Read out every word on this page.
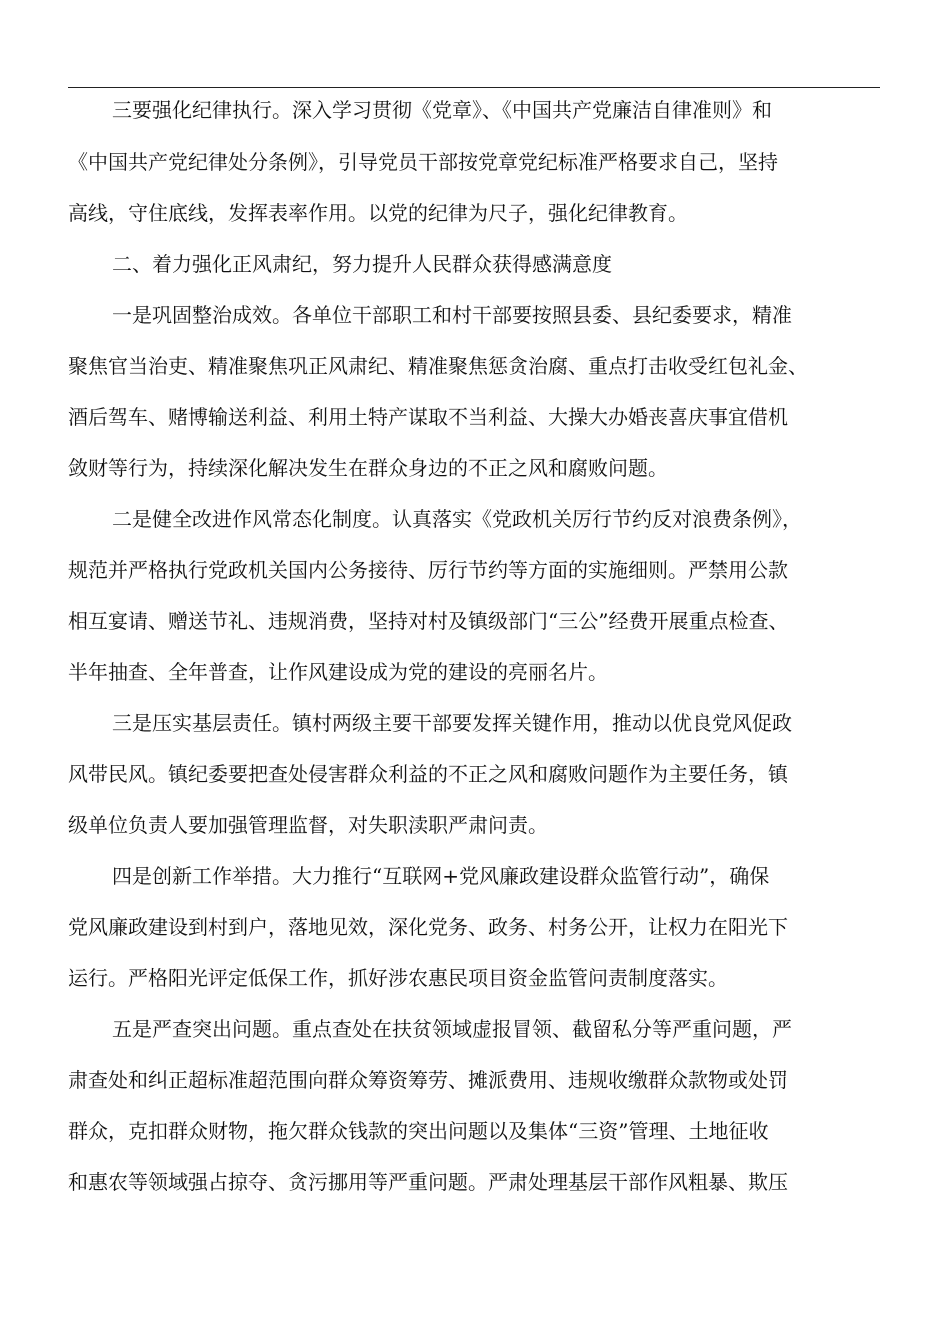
三要强化纪律执行。深入学习贯彻《党章》、《中国共产党廉洁自律准则》和
《中国共产党纪律处分条例》，引导党员干部按党章党纪标准严格要求自己，坚持
高线，守住底线，发挥表率作用。以党的纪律为尺子，强化纪律教育。
二、着力强化正风肃纪，努力提升人民群众获得感满意度
一是巩固整治成效。各单位干部职工和村干部要按照县委、县纪委要求，精准
聚焦官当治吏、精准聚焦巩正风肃纪、精准聚焦惩贪治腐、重点打击收受红包礼金、
酒后驾车、赌博输送利益、利用土特产谋取不当利益、大操大办婚丧喜庆事宜借机
敛财等行为，持续深化解决发生在群众身边的不正之风和腐败问题。
二是健全改进作风常态化制度。认真落实《党政机关厉行节约反对浪费条例》，
规范并严格执行党政机关国内公务接待、厉行节约等方面的实施细则。严禁用公款
相互宴请、赠送节礼、违规消费，坚持对村及镇级部门“三公”经费开展重点检查、
半年抽查、全年普查，让作风建设成为党的建设的亮丽名片。
三是压实基层责任。镇村两级主要干部要发挥关键作用，推动以优良党风促政
风带民风。镇纪委要把查处侵害群众利益的不正之风和腐败问题作为主要任务，镇
级单位负责人要加强管理监督，对失职渎职严肃问责。
四是创新工作举措。大力推行“互联网+党风廉政建设群众监管行动”，确保
党风廉政建设到村到户，落地见效，深化党务、政务、村务公开，让权力在阳光下
运行。严格阳光评定低保工作，抓好涉农惠民项目资金监管问责制度落实。
五是严查突出问题。重点查处在扶贫领域虚报冒领、截留私分等严重问题，严
肃查处和纠正超标准超范围向群众筹资筹劳、摊派费用、违规收缴群众款物或处罚
群众，克扣群众财物，拖欠群众钱款的突出问题以及集体“三资”管理、土地征收
和惠农等领域强占掠夺、贪污挪用等严重问题。严肃处理基层干部作风粗暴、欺压
